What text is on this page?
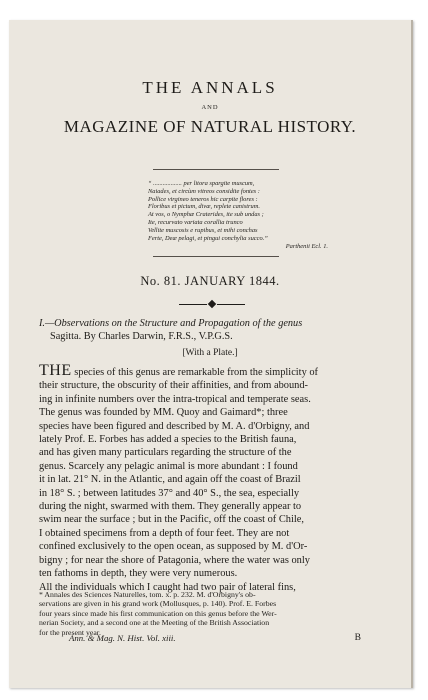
THE ANNALS
AND
MAGAZINE OF NATURAL HISTORY.
“ .................. per litora spargite muscum,
Naiades, et circùm vitreos considite fontes :
Pollice virgineo teneros hic carpite flores :
Floribus et pictum, divæ, replete canistrum.
At vos, o Nymphæ Craterides, ite sub undas ;
Ite, recurvato variata corallia trunco
Vellite muscosis e rupibus, et mihi conchas
Ferte, Deæ pelagi, et pingui conchylia succo.”
Parthenii Ecl. 1.
No. 81. JANUARY 1844.
I.—Observations on the Structure and Propagation of the genus
Sagitta. By Charles Darwin, F.R.S., V.P.G.S.
[With a Plate.]
THE species of this genus are remarkable from the simplicity of
their structure, the obscurity of their affinities, and from abound-
ing in infinite numbers over the intra-tropical and temperate seas.
The genus was founded by MM. Quoy and Gaimard*; three
species have been figured and described by M. A. d'Orbigny, and
lately Prof. E. Forbes has added a species to the British fauna,
and has given many particulars regarding the structure of the
genus. Scarcely any pelagic animal is more abundant : I found
it in lat. 21° N. in the Atlantic, and again off the coast of Brazil
in 18° S. ; between latitudes 37° and 40° S., the sea, especially
during the night, swarmed with them. They generally appear to
swim near the surface ; but in the Pacific, off the coast of Chile,
I obtained specimens from a depth of four feet. They are not
confined exclusively to the open ocean, as supposed by M. d'Or-
bigny ; for near the shore of Patagonia, where the water was only
ten fathoms in depth, they were very numerous.
All the individuals which I caught had two pair of lateral fins,
* Annales des Sciences Naturelles, tom. x. p. 232. M. d'Orbigny's ob-
servations are given in his grand work (Mollusques, p. 140). Prof. E. Forbes
four years since made his first communication on this genus before the Wer-
nerian Society, and a second one at the Meeting of the British Association
for the present year.
Ann. & Mag. N. Hist. Vol. xiii.	B
